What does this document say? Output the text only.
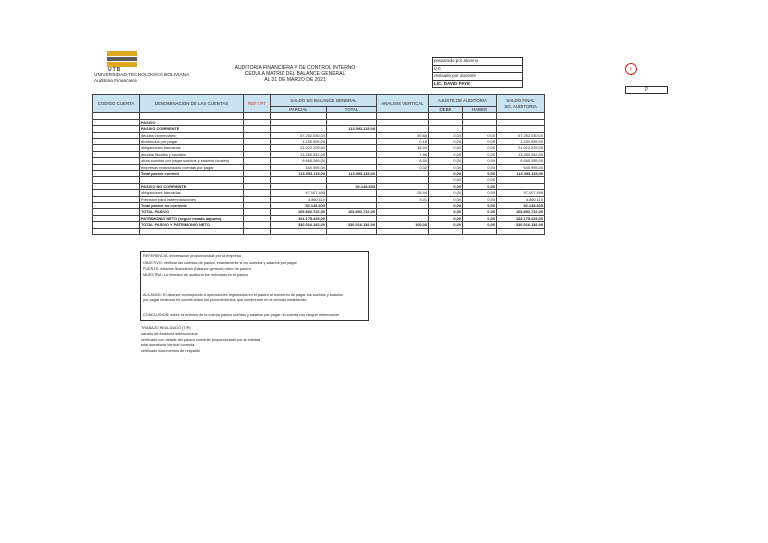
UTB
UNIVERSIDAD TECNOLOGICA BOLIVIANA
Auditoria Financiera
AUDITORIA FINANCIERA Y DE CONTROL INTERNO
CEDULA MATRIZ DEL BALANCE GENERAL
AL 31 DE MARZO DE 2021
preparado por alumno
V.C
revisado por docente
LIC. DAVID PAYE
Σ
P
CODIGO CUENTA	DENOMINACION DE LAS CUENTAS	REF / PT	SALDO SG BALANCE GENERAL		ANALISIS VERTICAL	AJUSTE DE AUDITORIA		SALDO FINAL
SG. AUDITORIA

			PARCIAL	TOTAL		DEBE	HABER	

	PASIVO							
	PASIVO CORRIENTE			113.093.115,00				
	deudas comerciales		57.282.030,00		50,66	0,00	0,00	57.282.030,00
	dividendos por pagar		1.200.595,00		0,10	0,00	0,00	1.200.595,00
	obligaciones bancarias		21.022.229,00		18,59	0,00	0,00	21.022.229,00
	deudas fiscales y sociales		13.280.942,00		7,56	0,00	0,00	13.280.942,00
	otras cuentas por pagar sueldos y salarios (sostén)		9.665.285,00		8,55	0,00	0,00	9.665.285,00
	empresas relacionadas cuentas por pagar		540.995,00		0,32	0,00	0,00	540.995,00
	Total pasivo corrient		113.093.115,00	113.093.115,00		0,00	0,00	113.093.115,00
						0,00	0,00	
	PASIVO NO CORRIENTE			52.149.605		0,00	0,00	
	obligaciones bancarias		47.107.495		28,94	0,00	0,00	47.107.495
	Prevision para indemnizaciones		4.860.110		3,01	0,00	0,00	4.860.110
	Total pasivo no corriente		52.149.605			0,00	0,00	52.149.605
	TOTAL PASIVO		165.892.722,00	165.892.722,00		0,00	0,00	165.892.722,00
	PATRIMONIO NETO (seguir estado adjunto)		164.175.429,00			0,00	0,00	164.175.429,00
	TOTAL PASIVO Y PATRIMONIO NETO		330.016.152,00	330.016.152,00	100,00	0,00	0,00	330.016.152,00

REFERENCIA: informacion proporcionada por la empresa
OBJETIVO: verificar las cuentas de pasivo, exactamente si los sueldos y salarios por pagar
FUENTE: estados financieros (balance general) rubro de pasivo
MUESTRA: La muestra de auditoria fue enfocada en el pasivo
ALCANCE: El alcance corresponde a operaciones registradas en el pasivo al momento de pagar los sueldos y salarios
por pagar teniendo en cuenta todos los procedimientos que comprende en el periodo establecido
CONCLUSION: sobre la revision de la cuenta pasivo sueldos y salarios por pagar no cuenta con ningun observacion
TRABAJO REALIZADO (T/R)
sacado de Auditoria seleccionada
verificado con detalle del pasivo corriente proporcionado por la entidad
total sumatoria Vertical correcta
verificado documentos de respaldo
